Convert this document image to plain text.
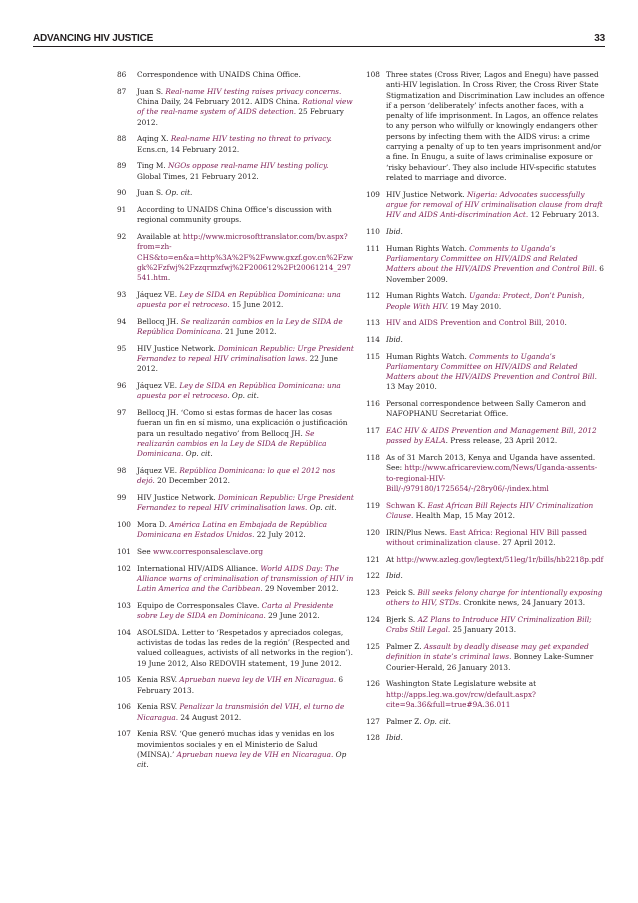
ADVANCING HIV JUSTICE	33
86	Correspondence with UNAIDS China Office.
87	Juan S. Real-name HIV testing raises privacy concerns. China Daily, 24 February 2012. AIDS China. Rational view of the real-name system of AIDS detection. 25 February 2012.
88	Aqing X. Real-name HIV testing no threat to privacy. Ecns.cn, 14 February 2012.
89	Ting M. NGOs oppose real-name HIV testing policy. Global Times, 21 February 2012.
90	Juan S. Op. cit.
91	According to UNAIDS China Office’s discussion with regional community groups.
92	Available at http://www.microsofttranslator.com/bv.aspx?from=zh-CHS&to=en&a=http%3A%2F%2Fwww.gxzf.gov.cn%2Fzwgk%2Fzfwj%2Fzzqrmzfwj%2F200612%2Ft20061214_297541.htm.
93	Jáquez VE. Ley de SIDA en República Dominicana: una apuesta por el retroceso. 15 June 2012.
94	Bellocq JH. Se realizarán cambios en la Ley de SIDA de República Dominicana. 21 June 2012.
95	HIV Justice Network. Dominican Republic: Urge President Fernandez to repeal HIV criminalisation laws. 22 June 2012.
96	Jáquez VE. Ley de SIDA en República Dominicana: una apuesta por el retroceso. Op. cit.
97	Bellocq JH. ‘Como si estas formas de hacer las cosas fueran un fin en sí mismo, una explicación o justificación para un resultado negativo’ from Bellocq JH. Se realizarán cambios en la Ley de SIDA de República Dominicana. Op. cit.
98	Jáquez VE. República Dominicana: lo que el 2012 nos dejó. 20 December 2012.
99	HIV Justice Network. Dominican Republic: Urge President Fernandez to repeal HIV criminalisation laws. Op. cit.
100 Mora D. América Latina en Embajada de República Dominicana en Estados Unidos. 22 July 2012.
101 See www.corresponsalesclave.org
102 International HIV/AIDS Alliance. World AIDS Day: The Alliance warns of criminalisation of transmission of HIV in Latin America and the Caribbean. 29 November 2012.
103 Equipo de Corresponsales Clave. Carta al Presidente sobre Ley de SIDA en Dominicana. 29 June 2012.
104 ASOLSIDA. Letter to ‘Respetados y apreciados colegas, activistas de todas las redes de la región’ (Respected and valued colleagues, activists of all networks in the region’). 19 June 2012, Also REDOVIH statement, 19 June 2012.
105 Kenia RSV. Aprueban nueva ley de VIH en Nicaragua. 6 February 2013.
106 Kenia RSV. Penalizar la transmisión del VIH, el turno de Nicaragua. 24 August 2012.
107 Kenia RSV. ‘Que generó muchas idas y venidas en los movimientos sociales y en el Ministerio de Salud (MINSA).’ Aprueban nueva ley de VIH en Nicaragua. Op cit.
108 Three states (Cross River, Lagos and Enegu) have passed anti-HIV legislation. In Cross River, the Cross River State Stigmatization and Discrimination Law includes an offence if a person ‘deliberately’ infects another faces, with a penalty of life imprisonment. In Lagos, an offence relates to any person who wilfully or knowingly endangers other persons by infecting them with the AIDS virus: a crime carrying a penalty of up to ten years imprisonment and/or a fine. In Enugu, a suite of laws criminalise exposure or ‘risky behaviour’. They also include HIV-specific statutes related to marriage and divorce.
109 HIV Justice Network. Nigeria: Advocates successfully argue for removal of HIV criminalisation clause from draft HIV and AIDS Anti-discrimination Act. 12 February 2013.
110 Ibid.
111 Human Rights Watch. Comments to Uganda’s Parliamentary Committee on HIV/AIDS and Related Matters about the HIV/AIDS Prevention and Control Bill. 6 November 2009.
112 Human Rights Watch. Uganda: Protect, Don’t Punish, People With HIV. 19 May 2010.
113 HIV and AIDS Prevention and Control Bill, 2010.
114 Ibid.
115 Human Rights Watch. Comments to Uganda’s Parliamentary Committee on HIV/AIDS and Related Matters about the HIV/AIDS Prevention and Control Bill. 13 May 2010.
116 Personal correspondence between Sally Cameron and NAFOPHANU Secretariat Office.
117 EAC HIV & AIDS Prevention and Management Bill, 2012 passed by EALA. Press release, 23 April 2012.
118 As of 31 March 2013, Kenya and Uganda have assented. See: http://www.africareview.com/News/Uganda-assents-to-regional-HIV-Bill/-/979180/1725654/-/28ry06/-/index.html
119 Schwan K. East African Bill Rejects HIV Criminalization Clause. Health Map, 15 May 2012.
120 IRIN/Plus News. East Africa: Regional HIV Bill passed without criminalization clause. 27 April 2012.
121 At http://www.azleg.gov/legtext/51leg/1r/bills/hb2218p.pdf
122 Ibid.
123 Peick S. Bill seeks felony charge for intentionally exposing others to HIV, STDs. Cronkite news, 24 January 2013.
124 Bjerk S. AZ Plans to Introduce HIV Criminalization Bill; Crabs Still Legal. 25 January 2013.
125 Palmer Z. Assault by deadly disease may get expanded definition in state’s criminal laws. Bonney Lake-Sumner Courier-Herald, 26 January 2013.
126 Washington State Legislature website at http://apps.leg.wa.gov/rcw/default.aspx?cite=9a.36&full=true#9A.36.011
127 Palmer Z. Op. cit.
128 Ibid.
